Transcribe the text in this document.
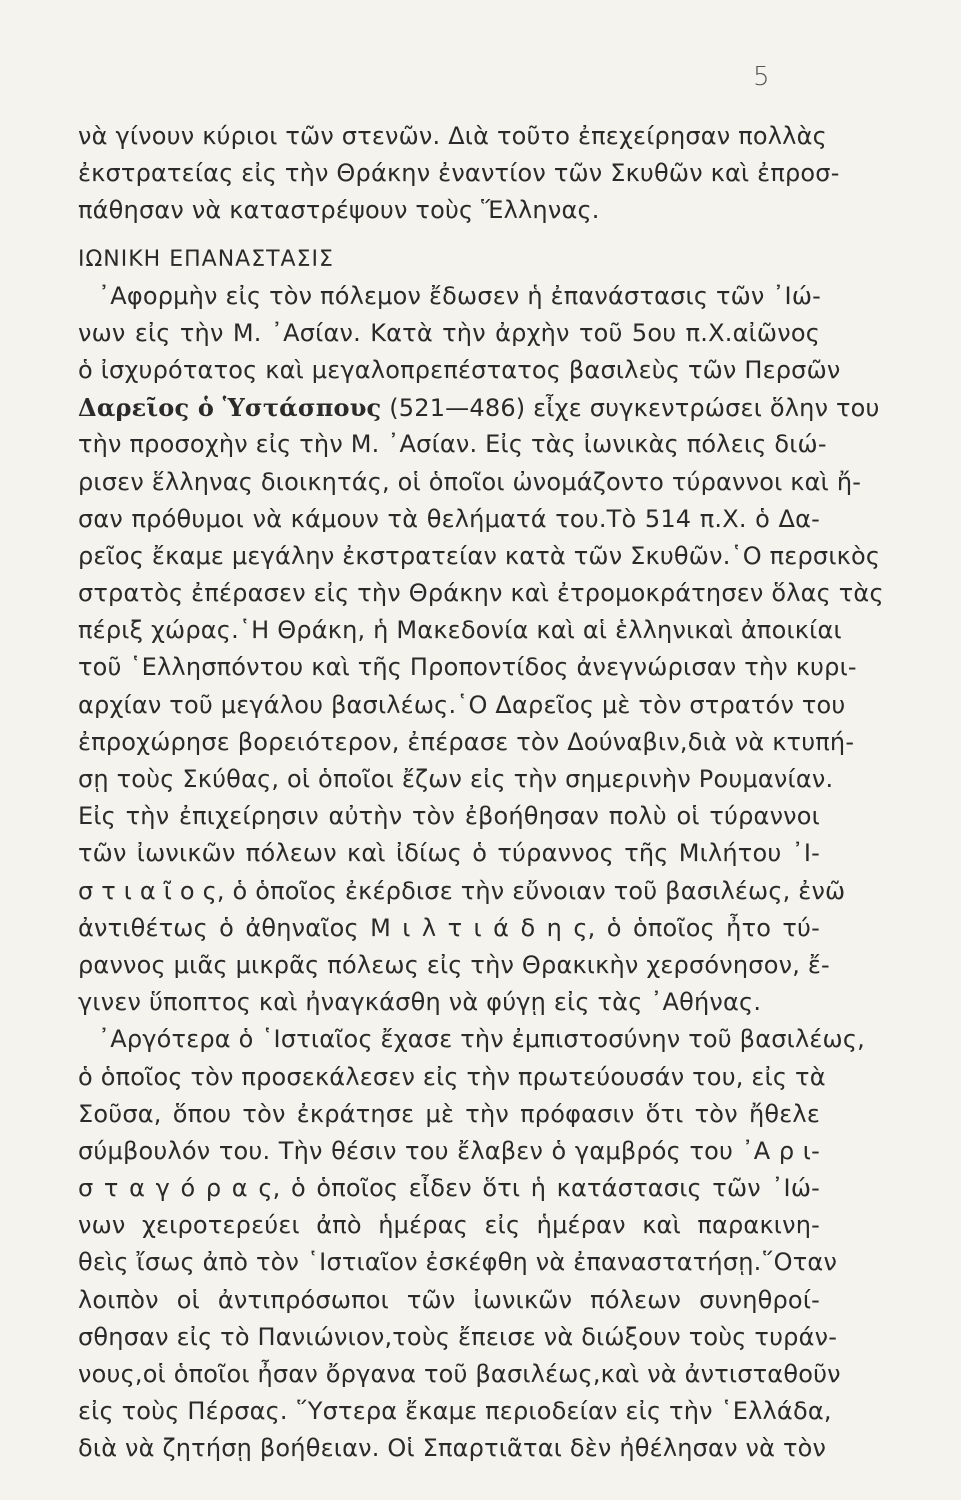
5
νὰ γίνουν κύριοι τῶν στενῶν. Διὰ τοῦτο ἐπεχείρησαν πολλὰς
ἐκστρατείας εἰς τὴν Θράκην ἐναντίον τῶν Σκυθῶν καὶ ἐπροσ-
πάθησαν νὰ καταστρέψουν τοὺς Ἕλληνας.
ΙΩΝΙΚΗ ΕΠΑΝΑΣΤΑΣΙΣ
᾽Αφορμὴν εἰς τὸν πόλεμον ἔδωσεν ἡ ἐπανάστασις τῶν ᾽Ιώ-
νων εἰς τὴν Μ. ᾽Ασίαν. Κατὰ τὴν ἀρχὴν τοῦ 5ου π.Χ.αἰῶνος
ὁ ἰσχυρότατος καὶ μεγαλοπρεπέστατος βασιλεὺς τῶν Περσῶν
Δαρεῖος ὁ Ὑστάσπους (521—486) εἶχε συγκεντρώσει ὅλην του
τὴν προσοχὴν εἰς τὴν Μ. ᾽Ασίαν. Εἰς τὰς ἰωνικὰς πόλεις διώ-
ρισεν ἕλληνας διοικητάς, οἱ ὁποῖοι ὠνομάζοντο τύραννοι καὶ ἤ-
σαν πρόθυμοι νὰ κάμουν τὰ θελήματά του.Τὸ 514 π.Χ. ὁ Δα-
ρεῖος ἔκαμε μεγάλην ἐκστρατείαν κατὰ τῶν Σκυθῶν.῾Ο περσικὸς
στρατὸς ἐπέρασεν εἰς τὴν Θράκην καὶ ἐτρομοκράτησεν ὅλας τὰς
πέριξ χώρας.῾Η Θράκη, ἡ Μακεδονία καὶ αἱ ἑλληνικαὶ ἀποικίαι
τοῦ ῾Ελλησπόντου καὶ τῆς Προποντίδος ἀνεγνώρισαν τὴν κυρι-
αρχίαν τοῦ μεγάλου βασιλέως.῾Ο Δαρεῖος μὲ τὸν στρατόν του
ἐπροχώρησε βορειότερον, ἐπέρασε τὸν Δούναβιν,διὰ νὰ κτυπή-
σῃ τοὺς Σκύθας, οἱ ὁποῖοι ἔζων εἰς τὴν σημερινὴν Ρουμανίαν.
Εἰς τὴν ἐπιχείρησιν αὐτὴν τὸν ἐβοήθησαν πολὺ οἱ τύραννοι
τῶν ἰωνικῶν πόλεων καὶ ἰδίως ὁ τύραννος τῆς Μιλήτου ᾽Ι-
σ τ ι α ῖ ο ς, ὁ ὁποῖος ἐκέρδισε τὴν εὔνοιαν τοῦ βασιλέως, ἐνῶ
ἀντιθέτως ὁ ἀθηναῖος Μ ι λ τ ι ά δ η ς, ὁ ὁποῖος ἦτο τύ-
ραννος μιᾶς μικρᾶς πόλεως εἰς τὴν Θρακικὴν χερσόνησον, ἔ-
γινεν ὕποπτος καὶ ἠναγκάσθη νὰ φύγῃ εἰς τὰς ᾽Αθήνας.
᾽Αργότερα ὁ ῾Ιστιαῖος ἔχασε τὴν ἐμπιστοσύνην τοῦ βασιλέως,
ὁ ὁποῖος τὸν προσεκάλεσεν εἰς τὴν πρωτεύουσάν του, εἰς τὰ
Σοῦσα, ὅπου τὸν ἐκράτησε μὲ τὴν πρόφασιν ὅτι τὸν ἤθελε
σύμβουλόν του. Τὴν θέσιν του ἔλαβεν ὁ γαμβρός του ᾽Α ρ ι-
σ τ α γ ό ρ α ς, ὁ ὁποῖος εἶδεν ὅτι ἡ κατάστασις τῶν ᾽Ιώ-
νων χειροτερεύει ἀπὸ ἡμέρας εἰς ἡμέραν καὶ παρακινη-
θεὶς ἴσως ἀπὸ τὸν ῾Ιστιαῖον ἐσκέφθη νὰ ἐπαναστατήσῃ.῞Οταν
λοιπὸν οἱ ἀντιπρόσωποι τῶν ἰωνικῶν πόλεων συνηθροί-
σθησαν εἰς τὸ Πανιώνιον,τοὺς ἔπεισε νὰ διώξουν τοὺς τυράν-
νους,οἱ ὁποῖοι ἦσαν ὄργανα τοῦ βασιλέως,καὶ νὰ ἀντισταθοῦν
εἰς τοὺς Πέρσας. ῞Υστερα ἔκαμε περιοδείαν εἰς τὴν ῾Ελλάδα,
διὰ νὰ ζητήσῃ βοήθειαν. Οἱ Σπαρτιᾶται δὲν ἠθέλησαν νὰ τὸν
